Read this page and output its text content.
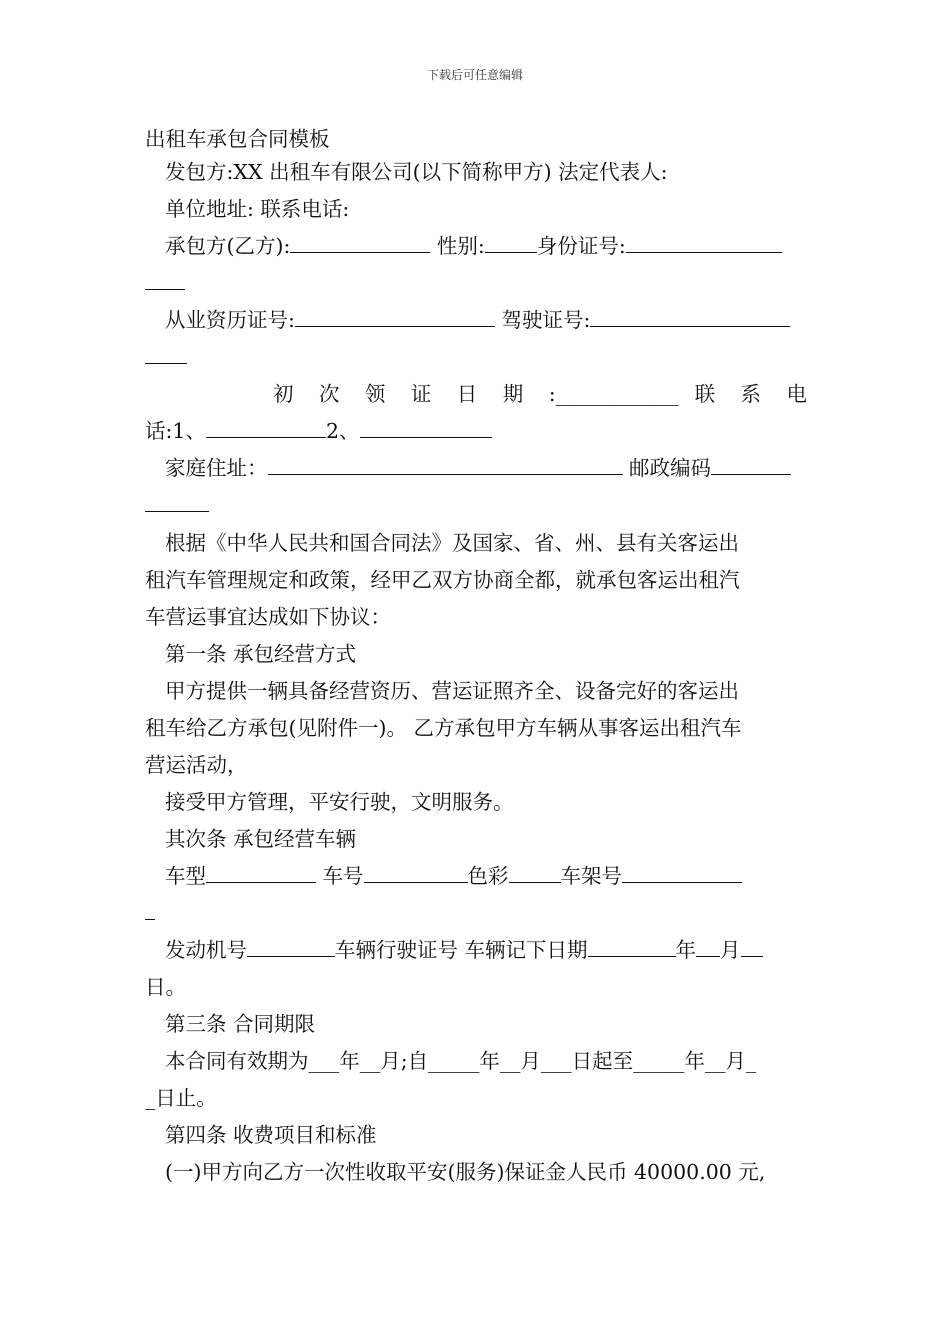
下载后可任意编辑
出租车承包合同模板
发包方:XX 出租车有限公司(以下简称甲方) 法定代表人:
单位地址: 联系电话:
承包方(乙方):	性别:	身份证号:
从业资历证号:	驾驶证号:
初 次 领 证 日 期 :____________ 联 系 电
话:1、	2、
家庭住址：	邮政编码
根据《中华人民共和国合同法》及国家、省、州、县有关客运出
租汽车管理规定和政策，经甲乙双方协商全都，就承包客运出租汽
车营运事宜达成如下协议：
第一条 承包经营方式
甲方提供一辆具备经营资历、营运证照齐全、设备完好的客运出
租车给乙方承包(见附件一)。 乙方承包甲方车辆从事客运出租汽车
营运活动，
接受甲方管理，平安行驶，文明服务。
其次条 承包经营车辆
车型	车号	色彩	车架号
发动机号	车辆行驶证号 车辆记下日期	年 月
日。
第三条 合同期限
本合同有效期为___年__月;自_____年__月___日起至_____年__月_
_日止。
第四条 收费项目和标准
(一)甲方向乙方一次性收取平安(服务)保证金人民币 40000.00 元,
